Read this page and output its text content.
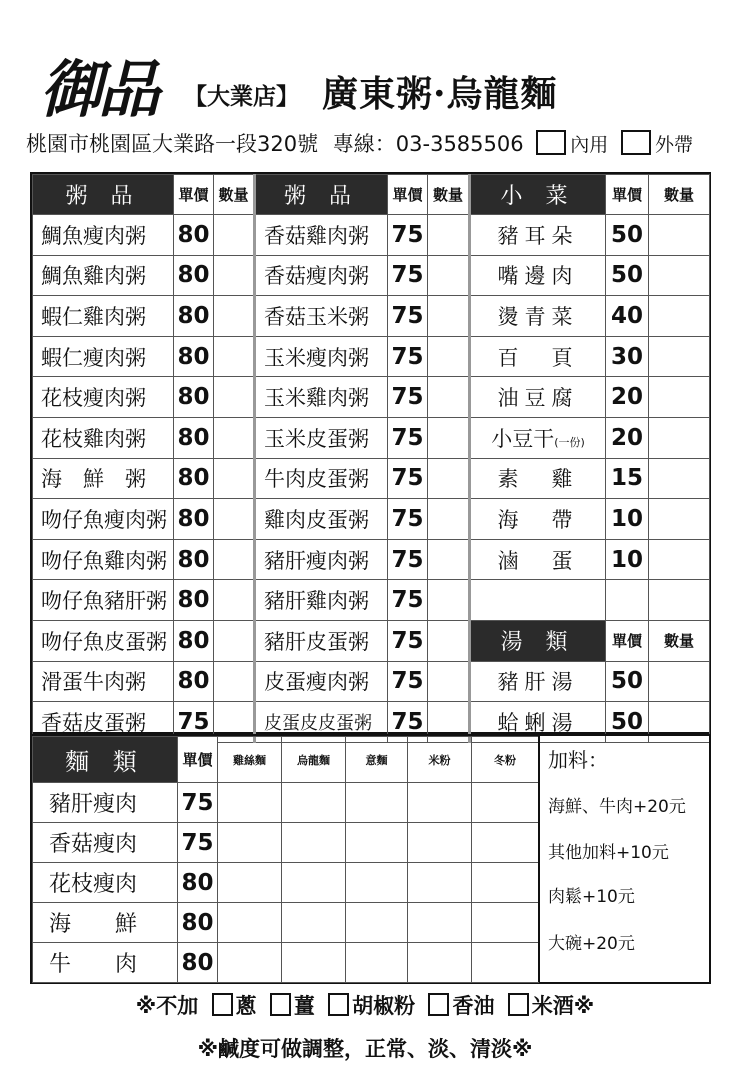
御品 【大業店】 廣東粥·烏龍麵
桃園市桃園區大業路一段320號 專線：03-3585506 內用 外帶
粥 品	單價	數量	粥 品	單價	數量	小 菜	單價	數量
鯛魚瘦肉粥	80		香菇雞肉粥	75		豬耳朵	50	
鯛魚雞肉粥	80		香菇瘦肉粥	75		嘴邊肉	50	
蝦仁雞肉粥	80		香菇玉米粥	75		燙青菜	40	
蝦仁瘦肉粥	80		玉米瘦肉粥	75		百　頁	30	
花枝瘦肉粥	80		玉米雞肉粥	75		油豆腐	20	
花枝雞肉粥	80		玉米皮蛋粥	75		小豆干(一份)	20	
海　鮮　粥	80		牛肉皮蛋粥	75		素　雞	15	
吻仔魚瘦肉粥	80		雞肉皮蛋粥	75		海　帶	10	
吻仔魚雞肉粥	80		豬肝瘦肉粥	75		滷　蛋	10	
吻仔魚豬肝粥	80		豬肝雞肉粥	75				
吻仔魚皮蛋粥	80		豬肝皮蛋粥	75		湯 類	單價	數量
滑蛋牛肉粥	80		皮蛋瘦肉粥	75		豬肝湯	50	
香菇皮蛋粥	75		皮蛋皮皮蛋粥	75		蛤蜊湯	50	
麵 類	單價	雞絲麵	烏龍麵	意麵	米粉	冬粉
豬肝瘦肉	75					
香菇瘦肉	75					
花枝瘦肉	80					
海　　鮮	80					
牛　　肉	80					
加料：
海鮮、牛肉+20元
其他加料+10元
肉鬆+10元
大碗+20元
※不加 蔥 薑 胡椒粉 香油 米酒※
※鹹度可做調整，正常、淡、清淡※
